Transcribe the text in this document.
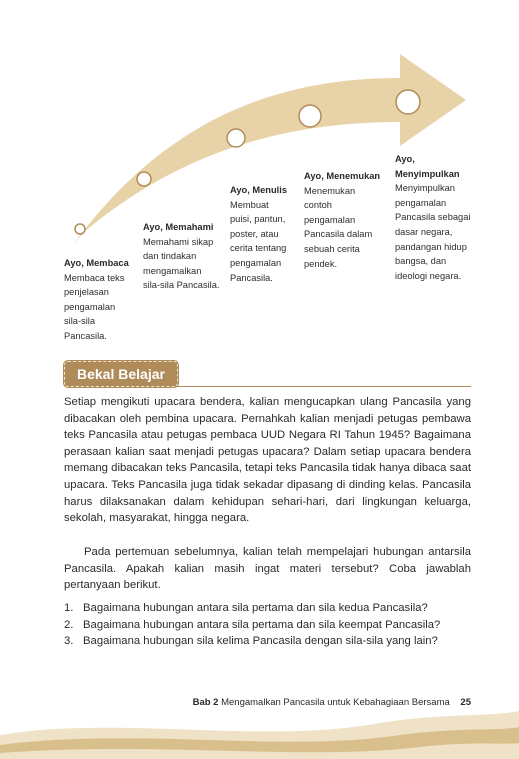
Ayo, Membaca
Membaca teks
penjelasan
pengamalan
sila-sila
Pancasila.
Ayo, Memahami
Memahami sikap
dan tindakan
mengamalkan
sila-sila Pancasila.
Ayo, Menulis
Membuat
puisi, pantun,
poster, atau
cerita tentang
pengamalan
Pancasila.
Ayo, Menemukan
Menemukan
contoh
pengamalan
Pancasila dalam
sebuah cerita
pendek.
Ayo,
Menyimpulkan
Menyimpulkan
pengamalan
Pancasila sebagai
dasar negara,
pandangan hidup
bangsa, dan
ideologi negara.
Bekal Belajar

Setiap mengikuti upacara bendera, kalian mengucapkan ulang Pancasila yang dibacakan oleh pembina upacara. Pernahkah kalian menjadi petugas pembawa teks Pancasila atau petugas pembaca UUD Negara RI Tahun 1945? Bagaimana perasaan kalian saat menjadi petugas upacara? Dalam setiap upacara bendera memang dibacakan teks Pancasila, tetapi teks Pancasila tidak hanya dibaca saat upacara. Teks Pancasila juga tidak sekadar dipasang di dinding kelas. Pancasila harus dilaksanakan dalam kehidupan sehari-hari, dari lingkungan keluarga, sekolah, masyarakat, hingga negara.

Pada pertemuan sebelumnya, kalian telah mempelajari hubungan antarsila Pancasila. Apakah kalian masih ingat materi tersebut? Coba jawablah pertanyaan berikut.

1. Bagaimana hubungan antara sila pertama dan sila kedua Pancasila?
2. Bagaimana hubungan antara sila pertama dan sila keempat Pancasila?
3. Bagaimana hubungan sila kelima Pancasila dengan sila-sila yang lain?
Bab 2 Mengamalkan Pancasila untuk Kebahagiaan Bersama 25
